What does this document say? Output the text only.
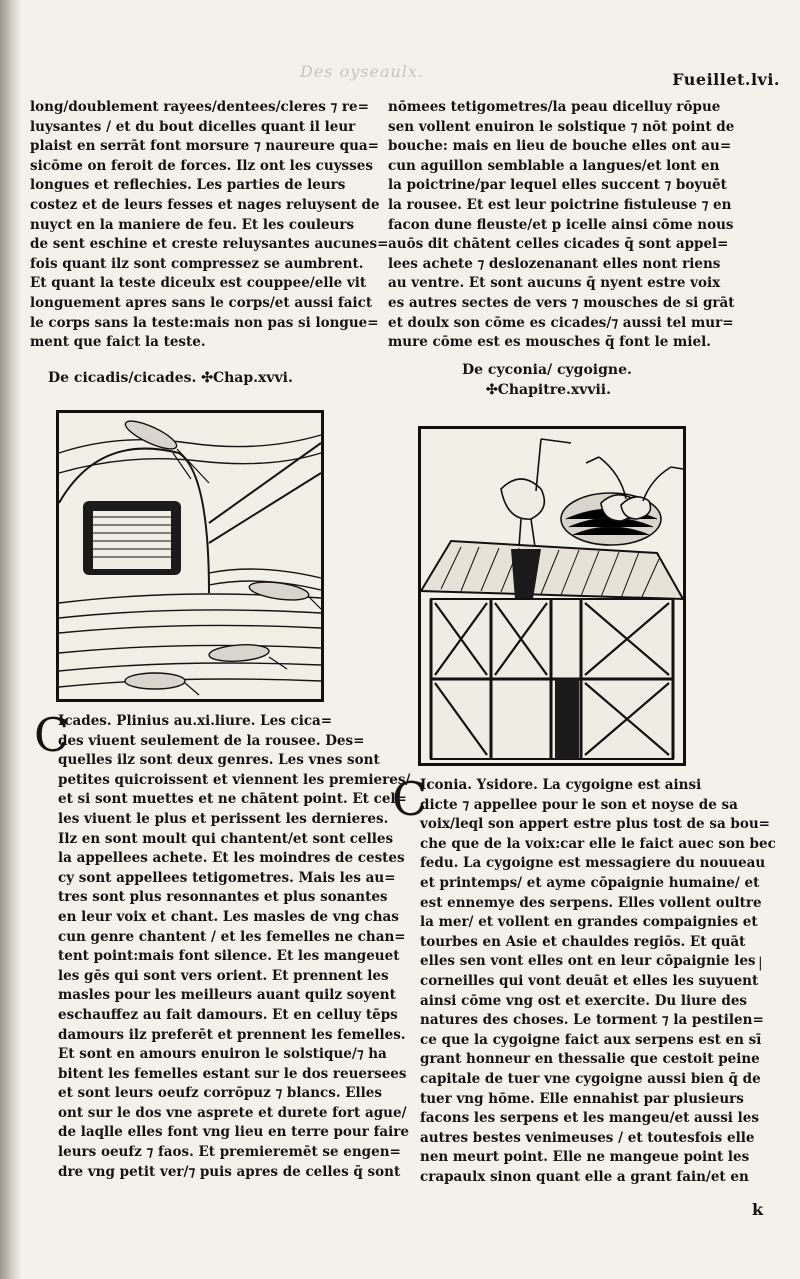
Des oyseaulx.	Fueillet.lvi.
long/doublement rayees/dentees/cleres ⁊ re=
luysantes / et du bout dicelles quant il leur
plaist en serrāt font morsure ⁊ naureure qua=
sicōme on feroit de forces. Ilz ont les cuysses
longues et reflechies. Les parties de leurs
costez et de leurs fesses et nages reluysent de
nuyct en la maniere de feu. Et les couleurs
de sent eschine et creste reluysantes aucunes=
fois quant ilz sont compressez se aumbrent.
Et quant la teste diceulx est couppee/elle vit
longuement apres sans le corps/et aussi faict
le corps sans la teste:mais non pas si longue=
ment que faict la teste.
De cicadis/cicades. ✣Chap.xvvi.
C
Icades. Plinius au.xi.liure. Les cica=
des viuent seulement de la rousee. Des=
quelles ilz sont deux genres. Les vnes sont
petites quicroissent et viennent les premieres/
et si sont muettes et ne chātent point. Et cel=
les viuent le plus et perissent les dernieres.
Ilz en sont moult qui chantent/et sont celles
la appellees achete. Et les moindres de cestes
cy sont appellees tetigometres. Mais les au=
tres sont plus resonnantes et plus sonantes
en leur voix et chant. Les masles de vng chas
cun genre chantent / et les femelles ne chan=
tent point:mais font silence. Et les mangeuet
les gēs qui sont vers orient. Et prennent les
masles pour les meilleurs auant quilz soyent
eschauffez au fait damours. Et en celluy tēps
damours ilz preferēt et prennent les femelles.
Et sont en amours enuiron le solstique/⁊ ha
bitent les femelles estant sur le dos reuersees
et sont leurs oeufz corrōpuz ⁊ blancs. Elles
ont sur le dos vne asprete et durete fort ague/
de laqlle elles font vng lieu en terre pour faire
leurs oeufz ⁊ faos. Et premieremēt se engen=
dre vng petit ver/⁊ puis apres de celles q̄ sont
nōmees tetigometres/la peau dicelluy rōpue
sen vollent enuiron le solstique ⁊ nōt point de
bouche: mais en lieu de bouche elles ont au=
cun aguillon semblable a langues/et lont en
la poictrine/par lequel elles succent ⁊ boyuēt
la rousee. Et est leur poictrine fistuleuse ⁊ en
facon dune fleuste/et p icelle ainsi cōme nous
auōs dit chātent celles cicades q̄ sont appel=
lees achete ⁊ deslozenanant elles nont riens
au ventre. Et sont aucuns q̄ nyent estre voix
es autres sectes de vers ⁊ mousches de si grāt
et doulx son cōme es cicades/⁊ aussi tel mur=
mure cōme est es mousches q̄ font le miel.
De cyconia/ cygoigne.
✣Chapitre.xvvii.
C
Iconia. Ysidore. La cygoigne est ainsi
dicte ⁊ appellee pour le son et noyse de sa
voix/leql son appert estre plus tost de sa bou=
che que de la voix:car elle le faict auec son bec
fedu. La cygoigne est messagiere du nouueau
et printemps/ et ayme cōpaignie humaine/ et
est ennemye des serpens. Elles vollent oultre
la mer/ et vollent en grandes compaignies et
tourbes en Asie et chauldes regiōs. Et quāt
elles sen vont elles ont en leur cōpaignie les
corneilles qui vont deuāt et elles les suyuent
ainsi cōme vng ost et exercite. Du liure des
natures des choses. Le torment ⁊ la pestilen=
ce que la cygoigne faict aux serpens est en sī
grant honneur en thessalie que cestoit peine
capitale de tuer vne cygoigne aussi bien q̄ de
tuer vng hōme. Elle ennahist par plusieurs
facons les serpens et les mangeu/et aussi les
autres bestes venimeuses / et toutesfois elle
nen meurt point. Elle ne mangeue point les
crapaulx sinon quant elle a grant fain/et en
|
k
